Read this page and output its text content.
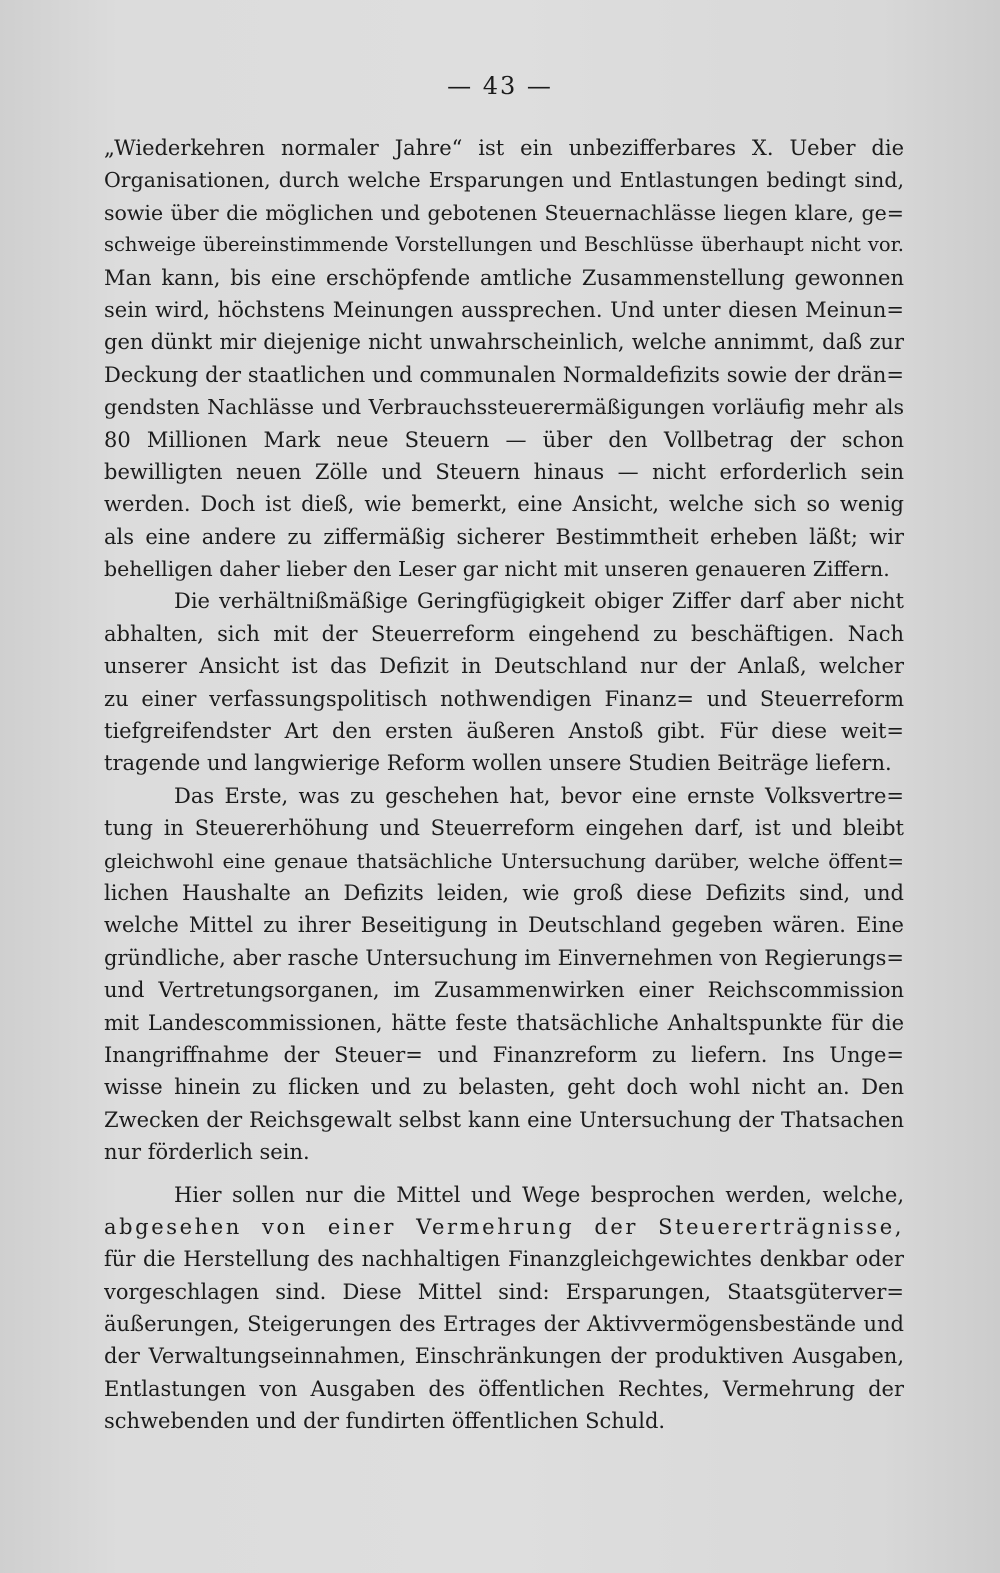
— 43 —
„Wiederkehren normaler Jahre“ ist ein unbezifferbares X. Ueber die
Organisationen, durch welche Ersparungen und Entlastungen bedingt sind,
sowie über die möglichen und gebotenen Steuernachlässe liegen klare, ge=
schweige übereinstimmende Vorstellungen und Beschlüsse überhaupt nicht vor.
Man kann, bis eine erschöpfende amtliche Zusammenstellung gewonnen
sein wird, höchstens Meinungen aussprechen. Und unter diesen Meinun=
gen dünkt mir diejenige nicht unwahrscheinlich, welche annimmt, daß zur
Deckung der staatlichen und communalen Normaldefizits sowie der drän=
gendsten Nachlässe und Verbrauchssteuerermäßigungen vorläufig mehr als
80 Millionen Mark neue Steuern — über den Vollbetrag der schon
bewilligten neuen Zölle und Steuern hinaus — nicht erforderlich sein
werden. Doch ist dieß, wie bemerkt, eine Ansicht, welche sich so wenig
als eine andere zu ziffermäßig sicherer Bestimmtheit erheben läßt; wir
behelligen daher lieber den Leser gar nicht mit unseren genaueren Ziffern.
Die verhältnißmäßige Geringfügigkeit obiger Ziffer darf aber nicht
abhalten, sich mit der Steuerreform eingehend zu beschäftigen. Nach
unserer Ansicht ist das Defizit in Deutschland nur der Anlaß, welcher
zu einer verfassungspolitisch nothwendigen Finanz= und Steuerreform
tiefgreifendster Art den ersten äußeren Anstoß gibt. Für diese weit=
tragende und langwierige Reform wollen unsere Studien Beiträge liefern.
Das Erste, was zu geschehen hat, bevor eine ernste Volksvertre=
tung in Steuererhöhung und Steuerreform eingehen darf, ist und bleibt
gleichwohl eine genaue thatsächliche Untersuchung darüber, welche öffent=
lichen Haushalte an Defizits leiden, wie groß diese Defizits sind, und
welche Mittel zu ihrer Beseitigung in Deutschland gegeben wären. Eine
gründliche, aber rasche Untersuchung im Einvernehmen von Regierungs=
und Vertretungsorganen, im Zusammenwirken einer Reichscommission
mit Landescommissionen, hätte feste thatsächliche Anhaltspunkte für die
Inangriffnahme der Steuer= und Finanzreform zu liefern. Ins Unge=
wisse hinein zu flicken und zu belasten, geht doch wohl nicht an. Den
Zwecken der Reichsgewalt selbst kann eine Untersuchung der Thatsachen
nur förderlich sein.
Hier sollen nur die Mittel und Wege besprochen werden, welche,
abgesehen von einer Vermehrung der Steuererträgnisse,
für die Herstellung des nachhaltigen Finanzgleichgewichtes denkbar oder
vorgeschlagen sind. Diese Mittel sind: Ersparungen, Staatsgüterver=
äußerungen, Steigerungen des Ertrages der Aktivvermögensbestände und
der Verwaltungseinnahmen, Einschränkungen der produktiven Ausgaben,
Entlastungen von Ausgaben des öffentlichen Rechtes, Vermehrung der
schwebenden und der fundirten öffentlichen Schuld.
